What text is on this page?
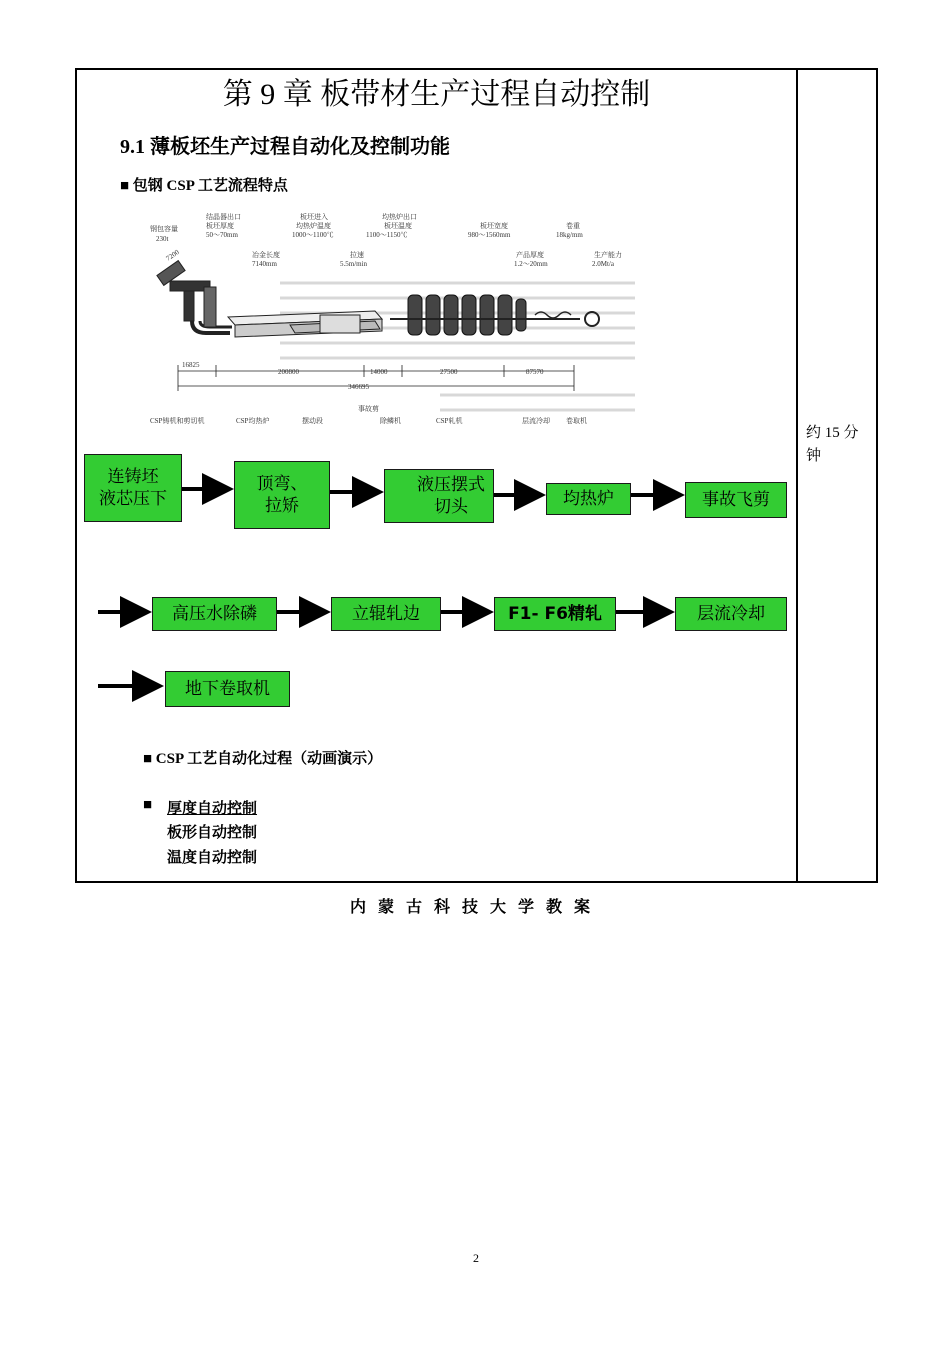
第 9 章 板带材生产过程自动控制
9.1 薄板坯生产过程自动化及控制功能
■ 包钢 CSP 工艺流程特点
钢包容量
230t
结晶器出口
板坯厚度
50～70mm
板坯进入
均热炉温度
1000～1100℃
均热炉出口
板坯温度
1100～1150℃
板坯宽度
980～1560mm
卷重
18kg/mm
冶金长度
7140mm
拉速
5.5m/min
产品厚度
1.2～20mm
生产能力
2.0Mt/a
7200
16825
200800	14000	27500	87570
346695
CSP铸机和剪切机	CSP均热炉	摆动段
事故剪
除鳞机	CSP轧机	层流冷却 卷取机
连铸坯
液芯压下
顶弯、
拉矫
液压摆式
切头	均热炉	事故飞剪
高压水除磷	立辊轧边	F1- F6精轧	层流冷却
地下卷取机
■ CSP 工艺自动化过程（动画演示）
■ 厚度自动控制
板形自动控制
温度自动控制
约 15 分钟
内蒙古科技大学教案
2
